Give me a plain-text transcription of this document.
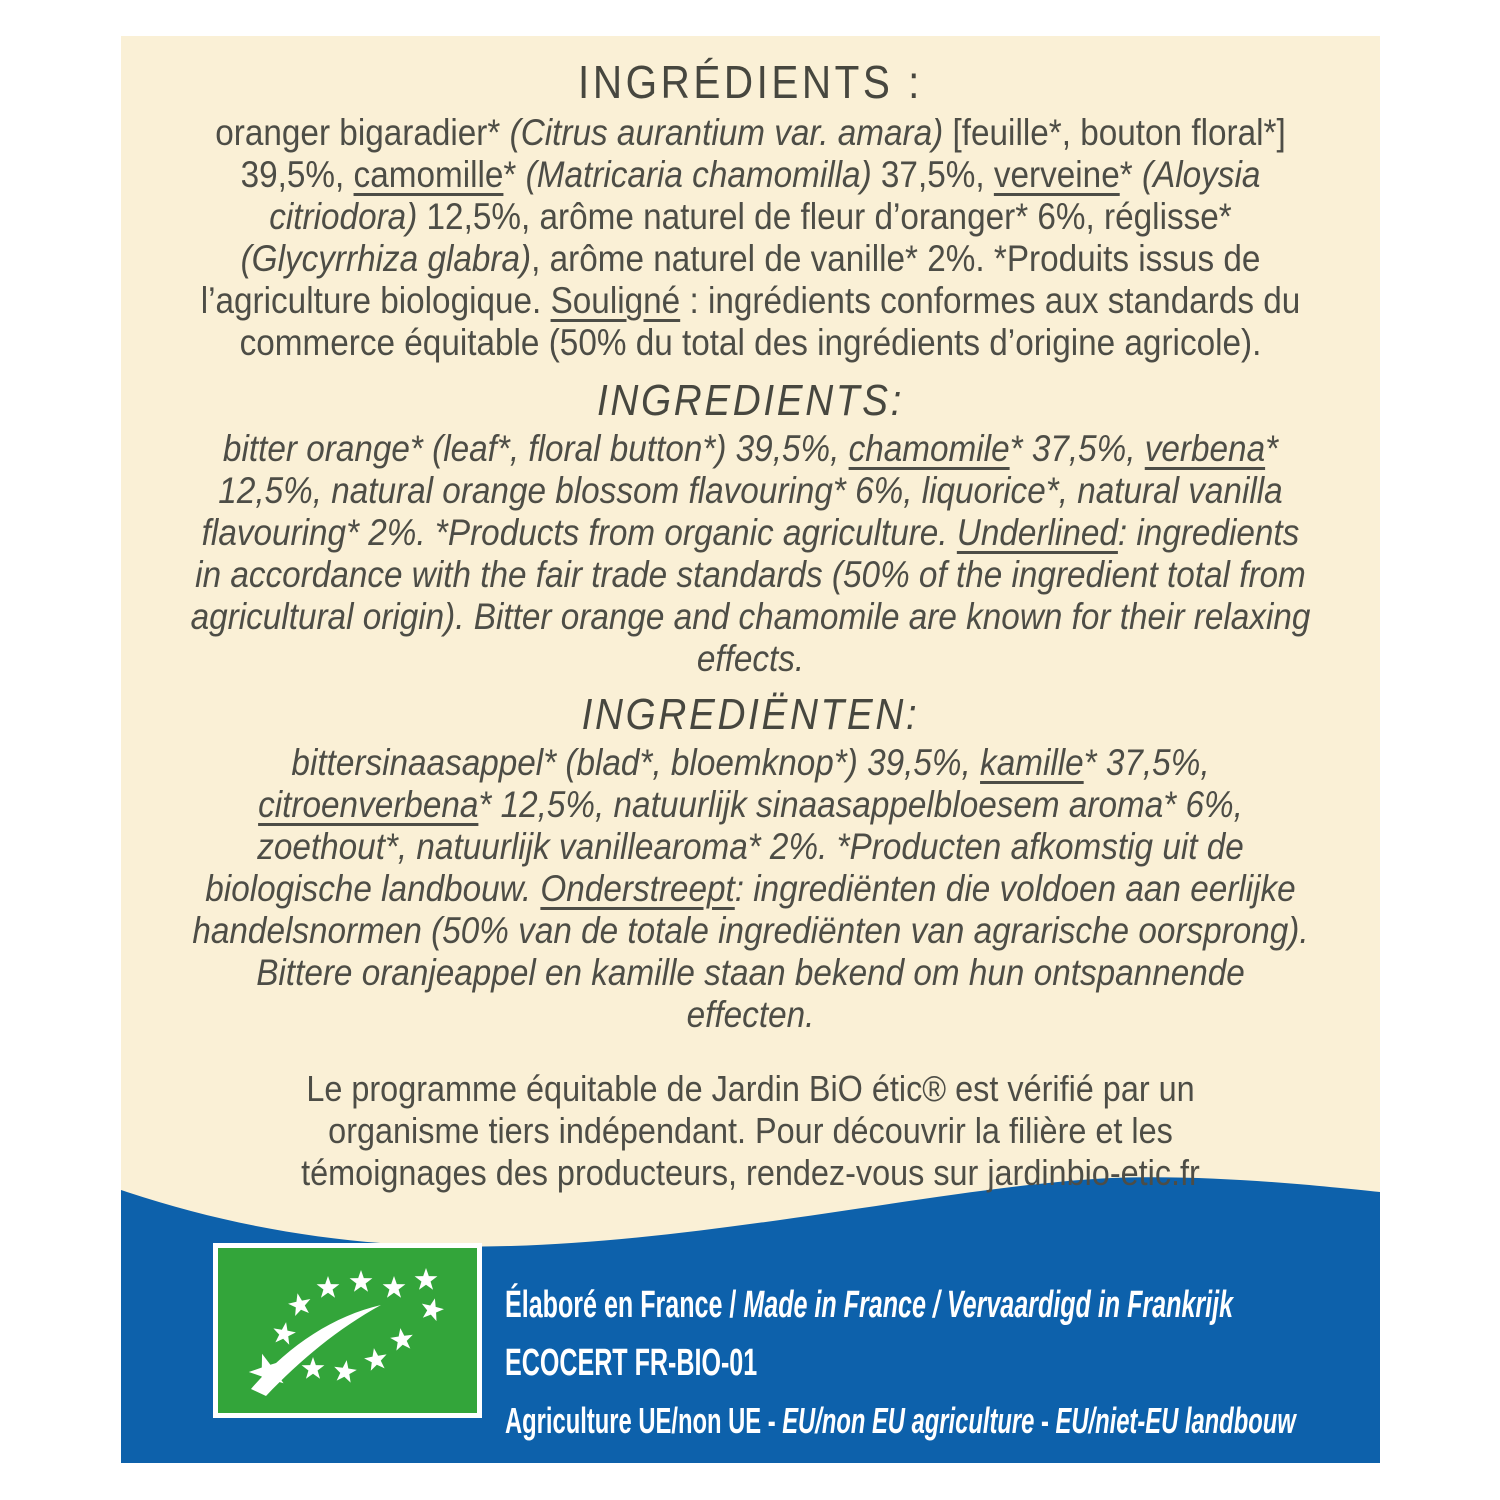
INGRÉDIENTS :
oranger bigaradier* (Citrus aurantium var. amara) [feuille*, bouton floral*] 39,5%, camomille* (Matricaria chamomilla) 37,5%, verveine* (Aloysia citriodora) 12,5%, arôme naturel de fleur d’oranger* 6%, réglisse* (Glycyrrhiza glabra), arôme naturel de vanille* 2%. *Produits issus de l’agriculture biologique. Souligné : ingrédients conformes aux standards du commerce équitable (50% du total des ingrédients d’origine agricole).
INGREDIENTS:
bitter orange* (leaf*, floral button*) 39,5%, chamomile* 37,5%, verbena* 12,5%, natural orange blossom flavouring* 6%, liquorice*, natural vanilla flavouring* 2%. *Products from organic agriculture. Underlined: ingredients in accordance with the fair trade standards (50% of the ingredient total from agricultural origin). Bitter orange and chamomile are known for their relaxing effects.
INGREDIËNTEN:
bittersinaasappel* (blad*, bloemknop*) 39,5%, kamille* 37,5%, citroenverbena* 12,5%, natuurlijk sinaasappelbloesem aroma* 6%, zoethout*, natuurlijk vanillearoma* 2%. *Producten afkomstig uit de biologische landbouw. Onderstreept: ingrediënten die voldoen aan eerlijke handelsnormen (50% van de totale ingrediënten van agrarische oorsprong). Bittere oranjeappel en kamille staan bekend om hun ontspannende effecten.
Le programme équitable de Jardin BiO étic® est vérifié par un organisme tiers indépendant. Pour découvrir la filière et les témoignages des producteurs, rendez-vous sur jardinbio-etic.fr
Élaboré en France / Made in France / Vervaardigd in Frankrijk
ECOCERT FR-BIO-01
Agriculture UE/non UE - EU/non EU agriculture - EU/niet-EU landbouw
